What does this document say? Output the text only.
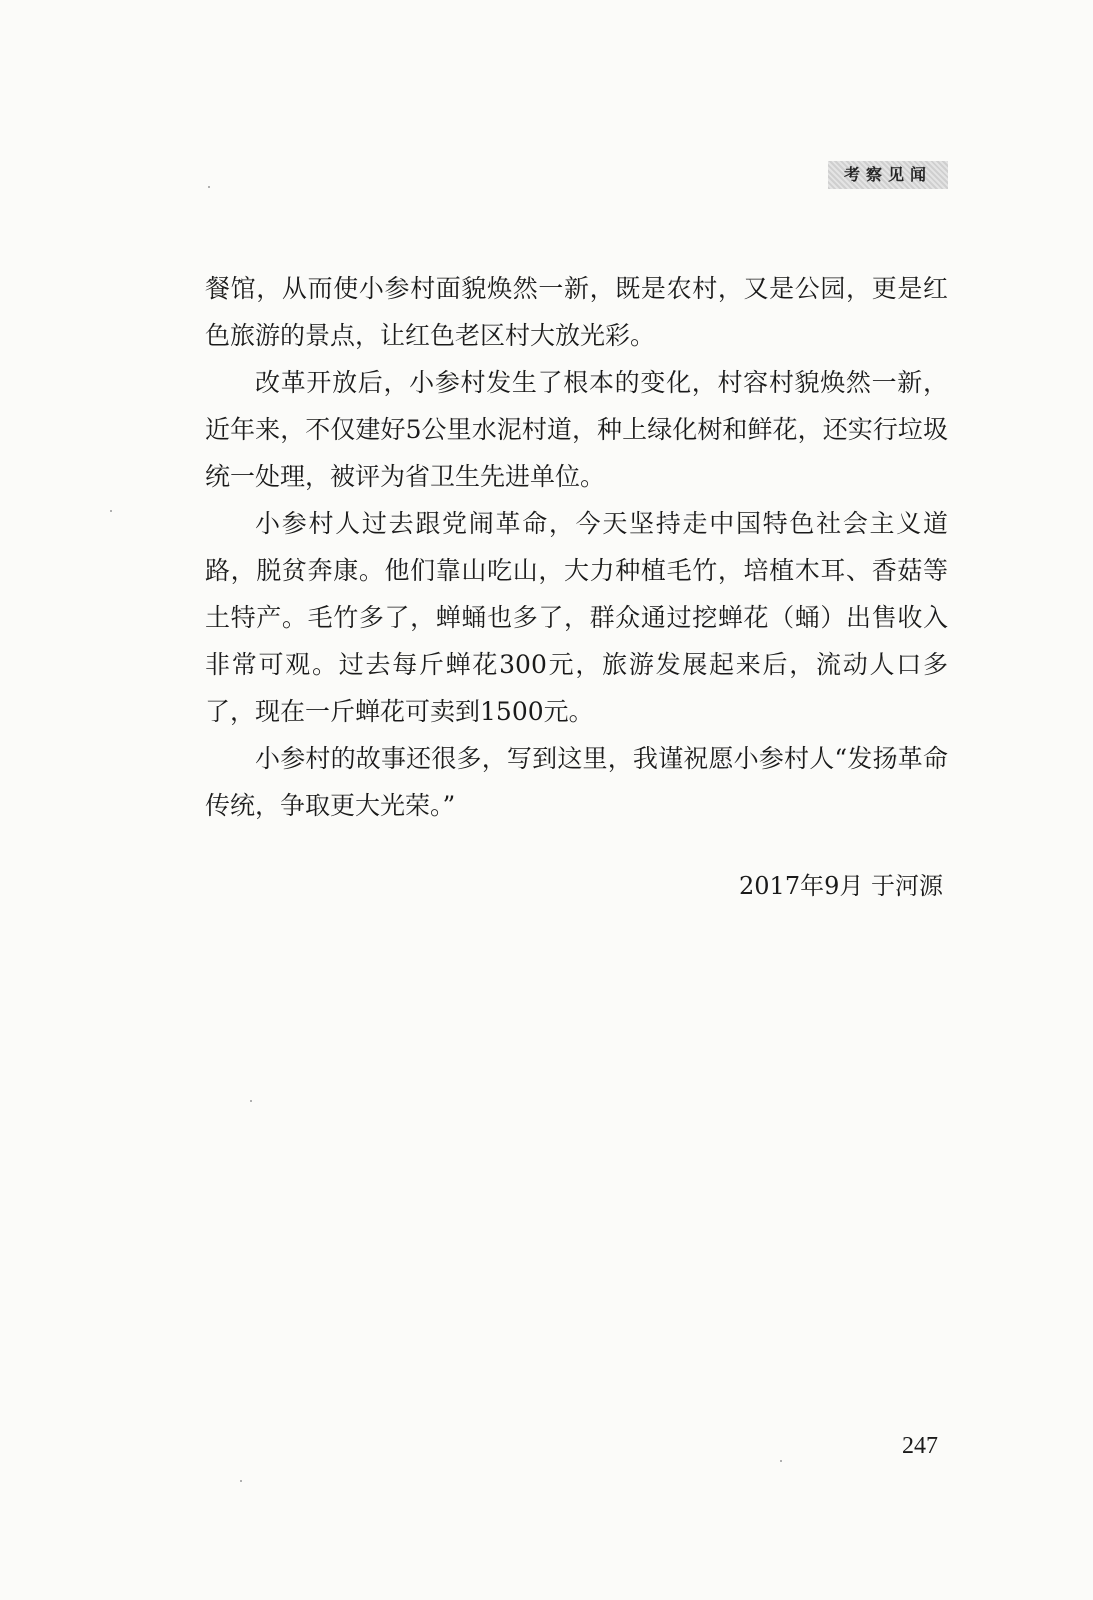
考察见闻

餐馆，从而使小参村面貌焕然一新，既是农村，又是公园，更是红色旅游的景点，让红色老区村大放光彩。

改革开放后，小参村发生了根本的变化，村容村貌焕然一新，近年来，不仅建好5公里水泥村道，种上绿化树和鲜花，还实行垃圾统一处理，被评为省卫生先进单位。

小参村人过去跟党闹革命，今天坚持走中国特色社会主义道路，脱贫奔康。他们靠山吃山，大力种植毛竹，培植木耳、香菇等土特产。毛竹多了，蝉蛹也多了，群众通过挖蝉花（蛹）出售收入非常可观。过去每斤蝉花300元，旅游发展起来后，流动人口多了，现在一斤蝉花可卖到1500元。

小参村的故事还很多，写到这里，我谨祝愿小参村人“发扬革命传统，争取更大光荣。”

2017年9月 于河源
247
